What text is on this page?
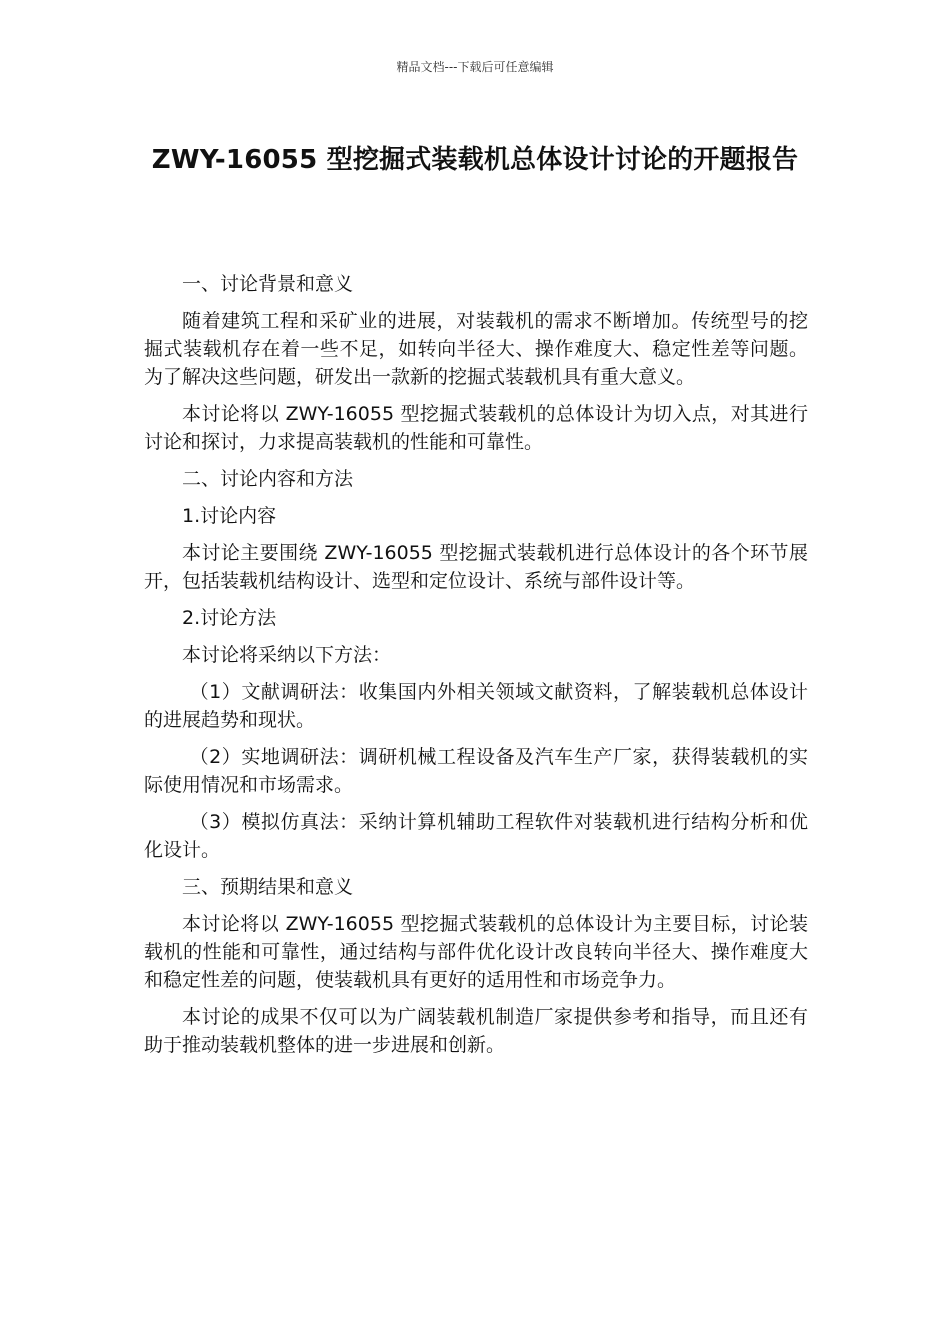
精品文档---下载后可任意编辑
ZWY-16055 型挖掘式装载机总体设计讨论的开题报告

一、讨论背景和意义

随着建筑工程和采矿业的进展，对装载机的需求不断增加。传统型号的挖掘式装载机存在着一些不足，如转向半径大、操作难度大、稳定性差等问题。为了解决这些问题，研发出一款新的挖掘式装载机具有重大意义。

本讨论将以 ZWY-16055 型挖掘式装载机的总体设计为切入点，对其进行讨论和探讨，力求提高装载机的性能和可靠性。

二、讨论内容和方法

1.讨论内容

本讨论主要围绕 ZWY-16055 型挖掘式装载机进行总体设计的各个环节展开，包括装载机结构设计、选型和定位设计、系统与部件设计等。

2.讨论方法

本讨论将采纳以下方法：

（1）文献调研法：收集国内外相关领域文献资料，了解装载机总体设计的进展趋势和现状。

（2）实地调研法：调研机械工程设备及汽车生产厂家，获得装载机的实际使用情况和市场需求。

（3）模拟仿真法：采纳计算机辅助工程软件对装载机进行结构分析和优化设计。

三、预期结果和意义

本讨论将以 ZWY-16055 型挖掘式装载机的总体设计为主要目标，讨论装载机的性能和可靠性，通过结构与部件优化设计改良转向半径大、操作难度大和稳定性差的问题，使装载机具有更好的适用性和市场竞争力。

本讨论的成果不仅可以为广阔装载机制造厂家提供参考和指导，而且还有助于推动装载机整体的进一步进展和创新。
